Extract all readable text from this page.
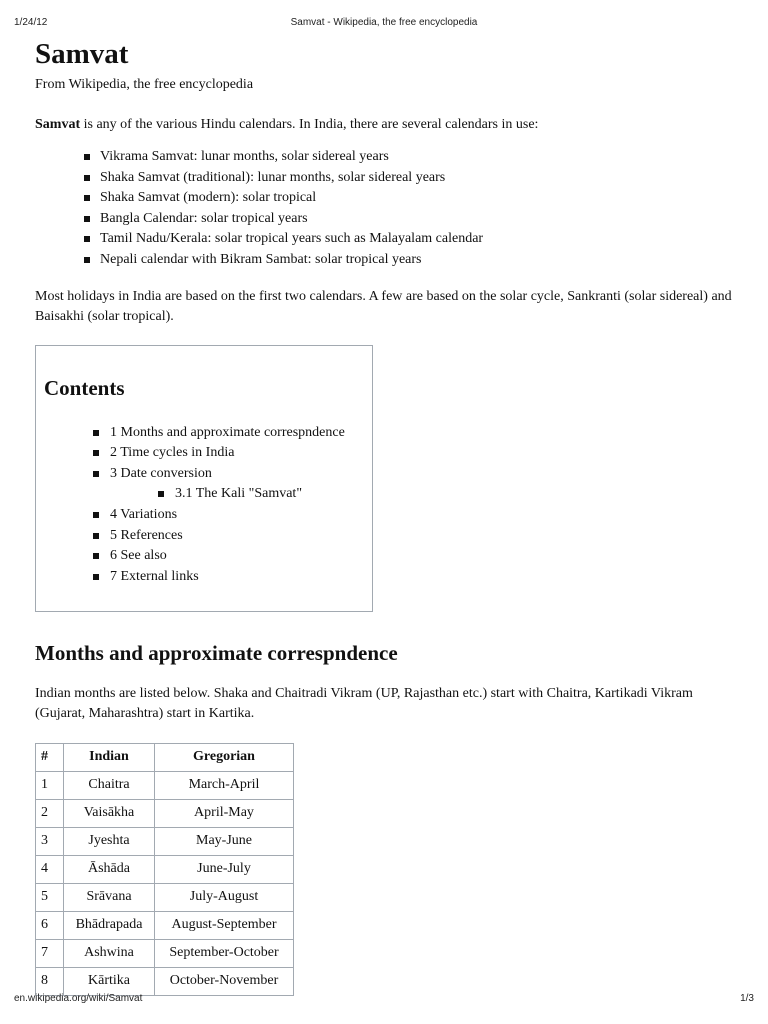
1/24/12	Samvat - Wikipedia, the free encyclopedia
Samvat
From Wikipedia, the free encyclopedia

Samvat is any of the various Hindu calendars. In India, there are several calendars in use:

Vikrama Samvat: lunar months, solar sidereal years
Shaka Samvat (traditional): lunar months, solar sidereal years
Shaka Samvat (modern): solar tropical
Bangla Calendar: solar tropical years
Tamil Nadu/Kerala: solar tropical years such as Malayalam calendar
Nepali calendar with Bikram Sambat: solar tropical years

Most holidays in India are based on the first two calendars. A few are based on the solar cycle, Sankranti (solar sidereal) and Baisakhi (solar tropical).

Contents
1 Months and approximate correspndence
2 Time cycles in India
3 Date conversion
3.1 The Kali "Samvat"
4 Variations
5 References
6 See also
7 External links
Months and approximate correspndence

Indian months are listed below. Shaka and Chaitradi Vikram (UP, Rajasthan etc.) start with Chaitra, Kartikadi Vikram (Gujarat, Maharashtra) start in Kartika.

#	Indian	Gregorian
1	Chaitra	March-April
2	Vaisākha	April-May
3	Jyeshta	May-June
4	Āshāda	June-July
5	Srāvana	July-August
6	Bhādrapada	August-September
7	Ashwina	September-October
8	Kārtika	October-November
en.wikipedia.org/wiki/Samvat	1/3
